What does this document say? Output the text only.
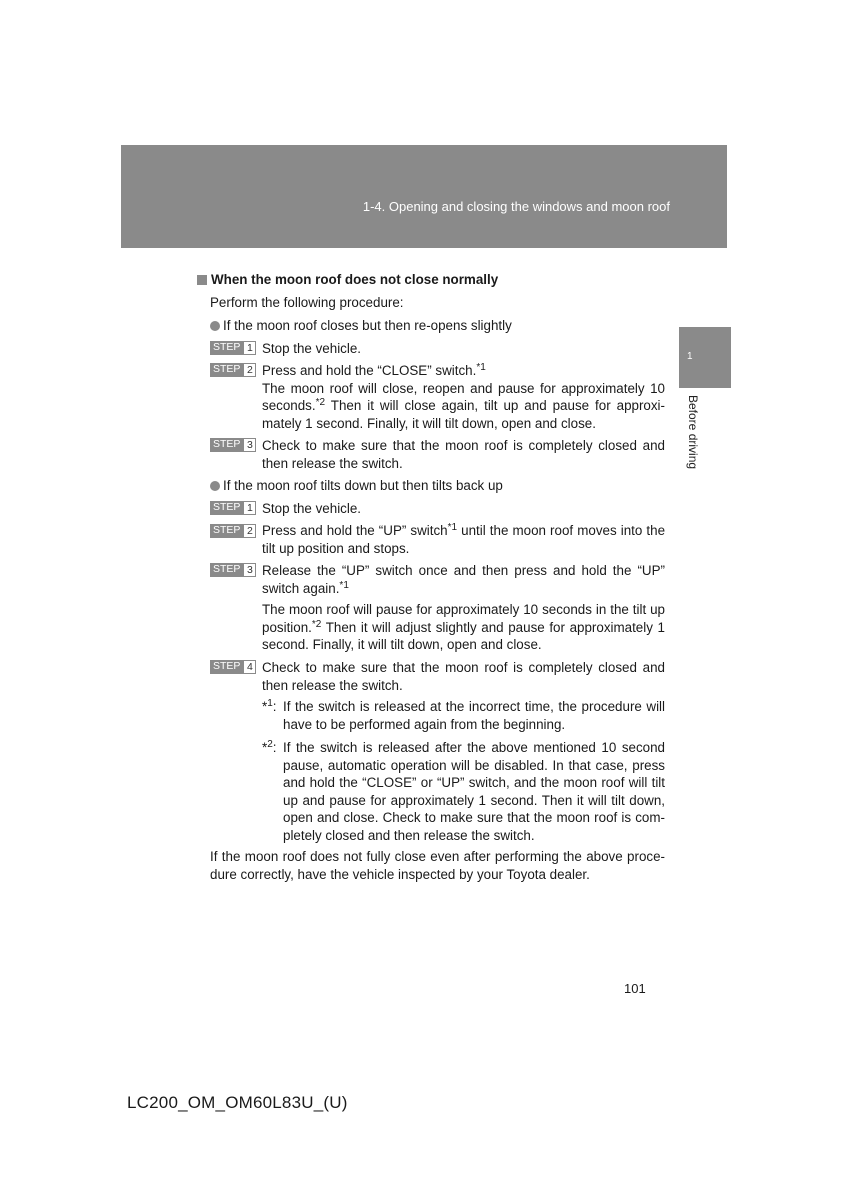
1-4. Opening and closing the windows and moon roof
1
Before driving
When the moon roof does not close normally
Perform the following procedure:
If the moon roof closes but then re-opens slightly
STEP 1 Stop the vehicle.
STEP 2 Press and hold the “CLOSE” switch.$^{*1}$
The moon roof will close, reopen and pause for approximately 10
seconds.$^{*2}$ Then it will close again, tilt up and pause for approxi-
mately 1 second. Finally, it will tilt down, open and close.
STEP 3 Check to make sure that the moon roof is completely closed and
then release the switch.
If the moon roof tilts down but then tilts back up
STEP 1 Stop the vehicle.
STEP 2 Press and hold the “UP” switch$^{*1}$ until the moon roof moves into the
tilt up position and stops.
STEP 3 Release the “UP” switch once and then press and hold the “UP”
switch again.$^{*1}$
The moon roof will pause for approximately 10 seconds in the tilt up
position.$^{*2}$ Then it will adjust slightly and pause for approximately 1
second. Finally, it will tilt down, open and close.
STEP 4 Check to make sure that the moon roof is completely closed and
then release the switch.
*$^1$: If the switch is released at the incorrect time, the procedure will
have to be performed again from the beginning.
*$^2$: If the switch is released after the above mentioned 10 second
pause, automatic operation will be disabled. In that case, press
and hold the “CLOSE” or “UP” switch, and the moon roof will tilt
up and pause for approximately 1 second. Then it will tilt down,
open and close. Check to make sure that the moon roof is com-
pletely closed and then release the switch.
If the moon roof does not fully close even after performing the above proce-
dure correctly, have the vehicle inspected by your Toyota dealer.
101
LC200_OM_OM60L83U_(U)
